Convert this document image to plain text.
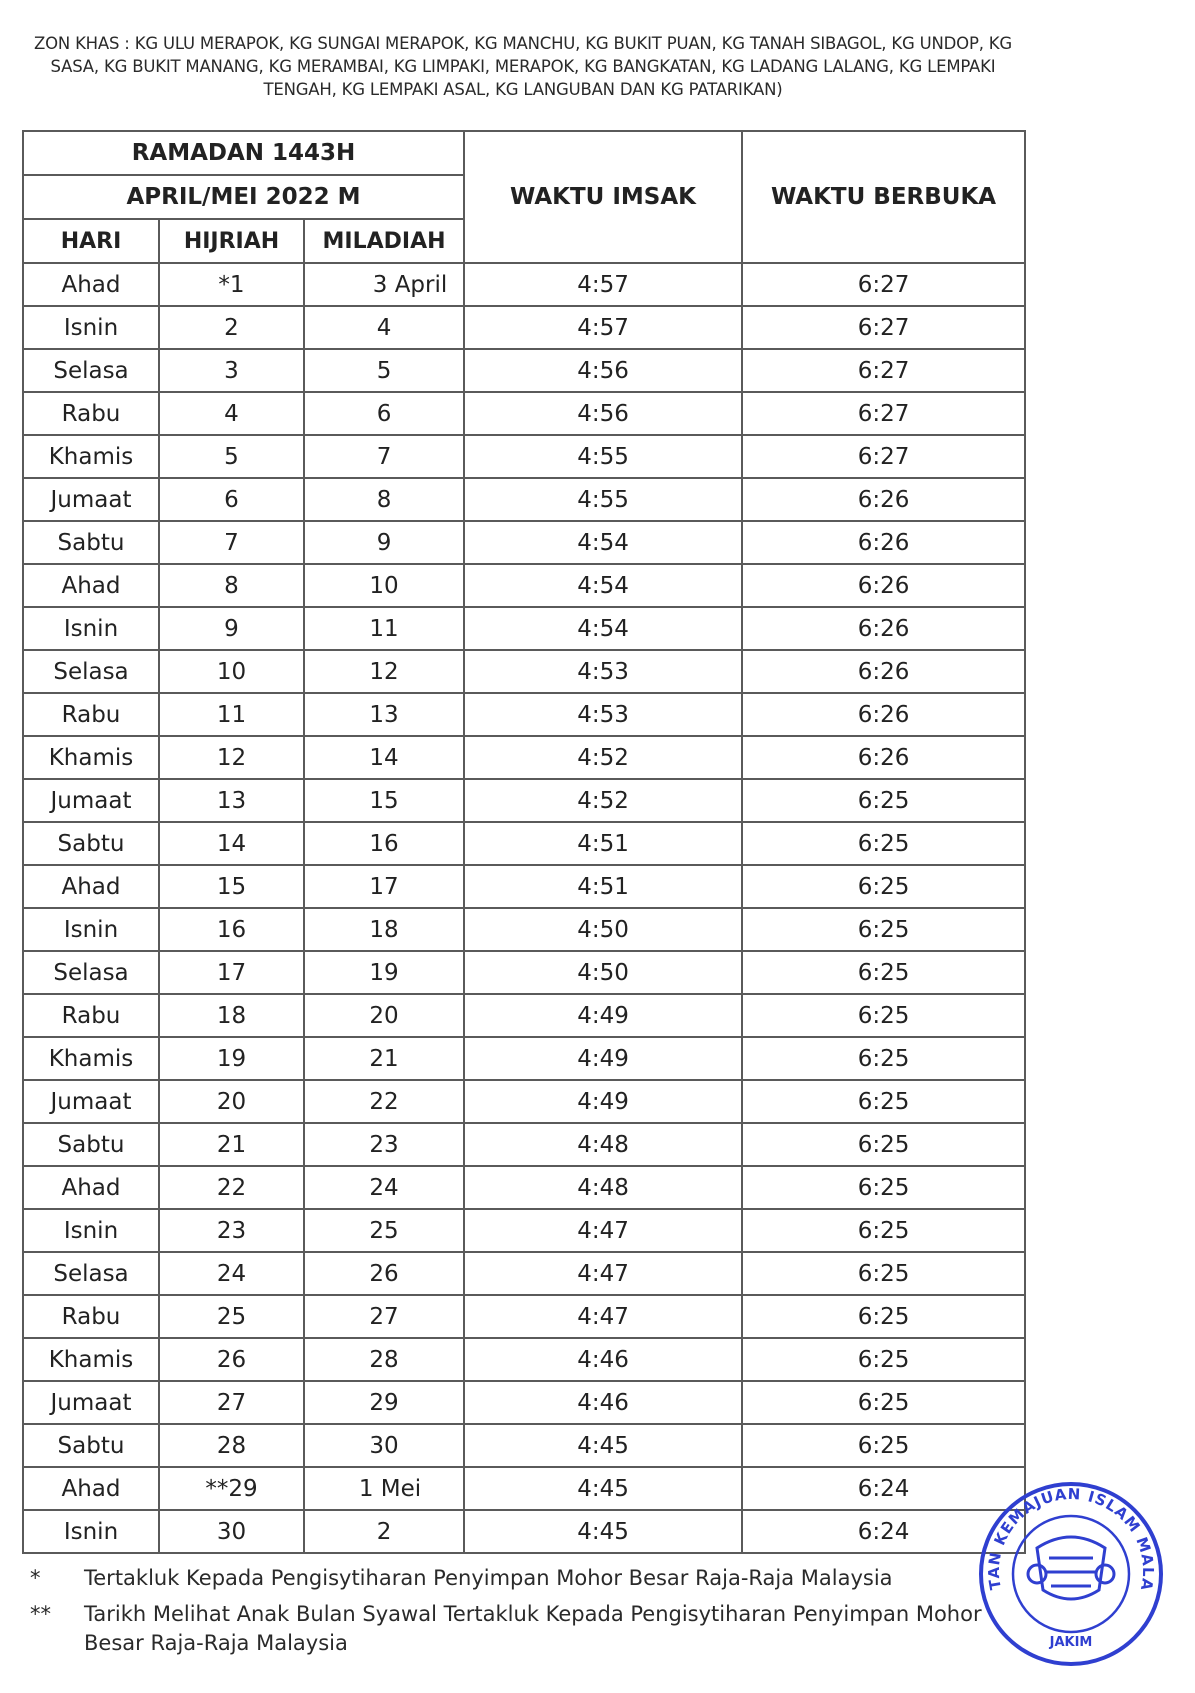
ZON KHAS : KG ULU MERAPOK, KG SUNGAI MERAPOK, KG MANCHU, KG BUKIT PUAN, KG TANAH SIBAGOL, KG UNDOP, KG SASA, KG BUKIT MANANG, KG MERAMBAI, KG LIMPAKI, MERAPOK, KG BANGKATAN, KG LADANG LALANG, KG LEMPAKI TENGAH, KG LEMPAKI ASAL, KG LANGUBAN DAN KG PATARIKAN)
RAMADAN 1443H			WAKTU IMSAK	WAKTU BERBUKA
APRIL/MEI 2022 M				
HARI	HIJRIAH	MILADIAH		
Ahad	*1	3 April	4:57	6:27
Isnin	2	4	4:57	6:27
Selasa	3	5	4:56	6:27
Rabu	4	6	4:56	6:27
Khamis	5	7	4:55	6:27
Jumaat	6	8	4:55	6:26
Sabtu	7	9	4:54	6:26
Ahad	8	10	4:54	6:26
Isnin	9	11	4:54	6:26
Selasa	10	12	4:53	6:26
Rabu	11	13	4:53	6:26
Khamis	12	14	4:52	6:26
Jumaat	13	15	4:52	6:25
Sabtu	14	16	4:51	6:25
Ahad	15	17	4:51	6:25
Isnin	16	18	4:50	6:25
Selasa	17	19	4:50	6:25
Rabu	18	20	4:49	6:25
Khamis	19	21	4:49	6:25
Jumaat	20	22	4:49	6:25
Sabtu	21	23	4:48	6:25
Ahad	22	24	4:48	6:25
Isnin	23	25	4:47	6:25
Selasa	24	26	4:47	6:25
Rabu	25	27	4:47	6:25
Khamis	26	28	4:46	6:25
Jumaat	27	29	4:46	6:25
Sabtu	28	30	4:45	6:25
Ahad	**29	1 Mei	4:45	6:24
Isnin	30	2	4:45	6:24
*	Tertakluk Kepada Pengisytiharan Penyimpan Mohor Besar Raja-Raja Malaysia
**	Tarikh Melihat Anak Bulan Syawal Tertakluk Kepada Pengisytiharan Penyimpan Mohor Besar Raja-Raja Malaysia
TAN KEMAJUAN ISLAM MALA
JAKIM
